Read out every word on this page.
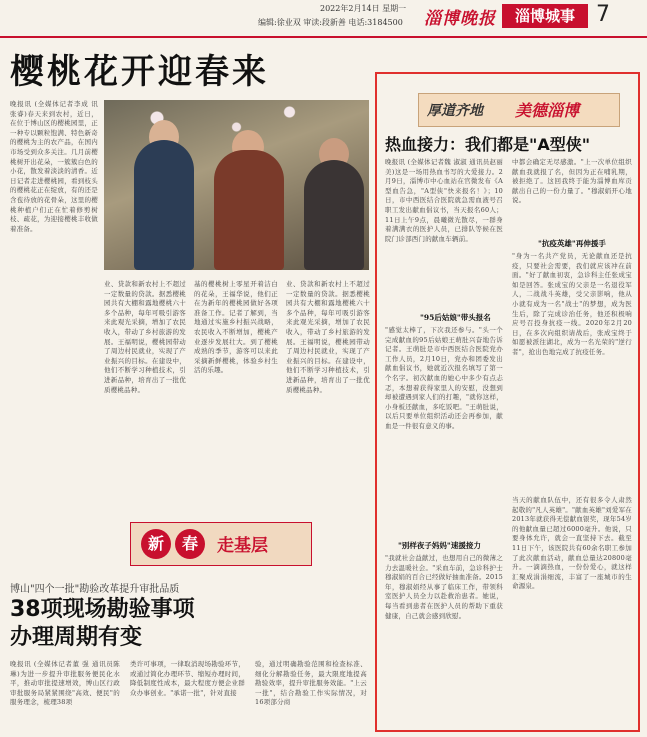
2022年2月14日 星期一
编辑:徐业双 审读:段新善 电话:3184500 淄博晚报	淄博城事 7
樱桃花开迎春来
晚报讯 (全媒体记者李成 讯 张睿)春天来到农村，近日，在位于博山区的樱桃园里，正一种专以颗粒饱满、特色新奇的樱桃为主的农产品，在国内市场受到众多关注。几月前樱桃树开出花朵，一簇簇白色的小花，散发着淡淡的清香。近日记者走进樱桃园，看到枝头的樱桃花正在绽放，有的还是含苞待放的花骨朵，这里的樱桃种植户们正在忙着修剪树枝、疏花，为迎接樱桃丰收做着准备。
业、贷款和新农村上不超过一定数量的贷款。据悉樱桃园共有大棚和露地樱桃六十多个品种，每年可吸引游客来此观光采摘，增加了农民收入，带动了乡村旅游的发展。王福明说，樱桃园带动了周边村民就业，实现了产业振兴的目标。在建设中，他们不断学习种植技术，引进新品种，培育出了一批优质樱桃品种。
基的樱桃树上零星开着洁白的花朵，王福华说，他们正在为新年的樱桃园做好各项准备工作。记者了解到，当地通过实施乡村振兴战略，农民收入不断增加，樱桃产业逐步发展壮大。到了樱桃成熟的季节，游客可以来此采摘新鲜樱桃，体验乡村生活的乐趣。
业、贷款和新农村上不超过一定数量的贷款。据悉樱桃园共有大棚和露地樱桃六十多个品种，每年可吸引游客来此观光采摘，增加了农民收入，带动了乡村旅游的发展。王福明说，樱桃园带动了周边村民就业，实现了产业振兴的目标。在建设中，他们不断学习种植技术，引进新品种，培育出了一批优质樱桃品种。
新	春	走基层
博山"四个一批"勘验改革提升审批品质
38项现场勘验事项
办理周期有变
晚报讯 (全媒体记者董 强 通讯员陈琳)为进一步提升审批服务便民化水平，推动审批提速增效，博山区行政审批服务局紧紧围绕"高效、便民"的服务理念，梳理38项
类许可事项，一律取消现场勘验环节，或通过简化办理环节、缩短办理时间，降低制度性成本，最大程度方便企业群众办事创业。"承诺一批"，针对直接
验，通过明确勘验范围和检查标准、细化分解勘验任务，最大限度地提高勘验效率，提升审批服务效能。"上云一批"，结合勘验工作实际情况，对16项部分商
厚道齐地 美德淄博
热血接力：我们都是"A型侠"
晚报讯 (全媒体记者魏 淑淑 通讯员赵丽美)这是一场用热血书写的大爱接力。2月9日，淄博市中心血站在官微发布《A型血告急，"A型侠"快来报名！》；10日，市中西医结合医院就急需血液号召职工发出献血倡议书，当天报名60人；11日上午9点，晨曦微光散尽，一群身着满满衣的医护人员，已排队等候在医院门诊部西门的献血车辆前。
"95后姑娘"带头报名
"感觉太棒了，下次我还参与。"头一个完成献血的95后姑娘王萌肚兴奋地告诉记者。王萌肚是市中西医结合医院党办工作人员，2月10日，党办和团委发出献血倡议书，她就近次报名填写了第一个名字。初次献血的她心中多少有点忐忑，本想着获得家里人的安慰，没想到却被遭遇到家人们的打趣，"就你这样，小身板还献血，多吃饭吧。"王萌肚说，以后只要单位组织活动还会再参加，献血是一件很有意义的事。
"别样夜子妈妈"速援接力
"我就社会益献过，也想用自己的微薄之力去温暖社会。"采血车前，急诊科护士穆淑娟的百合已经做好抽血准备。2015年，穆淑娟经从事了临床工作，带领科室医护人员全力以赴救治患者。她说，每当看到患者在医护人员的帮助下重获健康，自己就会感到欣慰。
中都会确定无尽感激。"上一次单位组织献血我就报了名，但因为正在哺乳期，被拒绝了。这回我终于能为淄博血库贡献出自己的一份力量了。"穆淑娟开心地说。
"抗疫英雄"再伸援手
"身为一名共产党员，无论献血还是抗疫，只要社会需要，我们就应该冲在前面。"好了献血初衷，急诊科主任张成宝如是回答。张成宝的父亲是一名退役军人，二战战斗英雄，受父亲影响，他从小就有成为一名"战士"的梦想，成为医生后，除了完成诊治任务，他还积极响应号召投身抗疫一线。2020年2月20日，在多次向组织请战后，张成宝终于如愿被派往湖北，成为一名光荣的"逆行者"，抢出色地完成了抗疫任务。
当天的献血队伍中，还有很多令人肃然起敬的"凡人英雄"。"献血英雄"刘爱军在2013年就获得无偿献血银奖，现年54岁的他献血量已超过6000毫升。他说，只要身体允许，就会一直坚持下去。截至11日下午，该医院共有60余名职工参加了此次献血活动，献血总量达20800毫升。一滴滴热血，一份份爱心，就这样汇聚成涓涓细流，丰富了一座城市的生命源泉。
